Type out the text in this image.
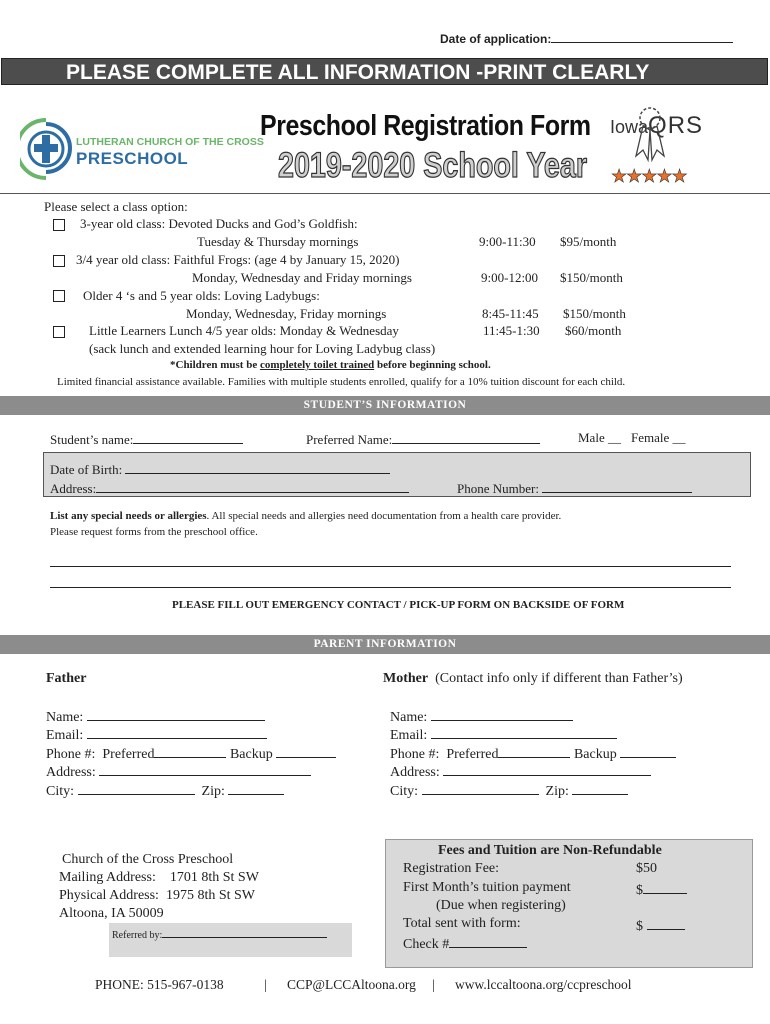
Date of application:
PLEASE COMPLETE ALL INFORMATION -PRINT CLEARLY
LUTHERAN CHURCH OF THE CROSS
PRESCHOOL
Preschool Registration Form
2019-2020 School Year
IowaQRS
★★★★★
Please select a class option:
3-year old class: Devoted Ducks and God’s Goldfish:
Tuesday & Thursday mornings	9:00-11:30 $95/month
3/4 year old class: Faithful Frogs: (age 4 by January 15, 2020)
Monday, Wednesday and Friday mornings	9:00-12:00 $150/month
Older 4 ‘s and 5 year olds: Loving Ladybugs:
Monday, Wednesday, Friday mornings	8:45-11:45 $150/month
Little Learners Lunch 4/5 year olds: Monday & Wednesday	11:45-1:30 $60/month
(sack lunch and extended learning hour for Loving Ladybug class)
*Children must be completely toilet trained before beginning school.
Limited financial assistance available. Families with multiple students enrolled, qualify for a 10% tuition discount for each child.
STUDENT’S INFORMATION
Student’s name:	Preferred Name:	Male __ Female __
Date of Birth:
Address:	Phone Number:
List any special needs or allergies. All special needs and allergies need documentation from a health care provider.
Please request forms from the preschool office.
PLEASE FILL OUT EMERGENCY CONTACT / PICK-UP FORM ON BACKSIDE OF FORM
PARENT INFORMATION
Father	Mother (Contact info only if different than Father’s)
Name:
Email:
Phone #: Preferred	Backup
Address:
City:	Zip:
Name:
Email:
Phone #: Preferred	Backup
Address:
City:	Zip:
Church of the Cross Preschool
Mailing Address: 1701 8th St SW
Physical Address: 1975 8th St SW
Altoona, IA 50009
Referred by:
Fees and Tuition are Non-Refundable
Registration Fee:	$50
First Month’s tuition payment	$
(Due when registering)
Total sent with form:	$
Check #
PHONE: 515-967-0138	| CCP@LCCAltoona.org | www.lccaltoona.org/ccpreschool
